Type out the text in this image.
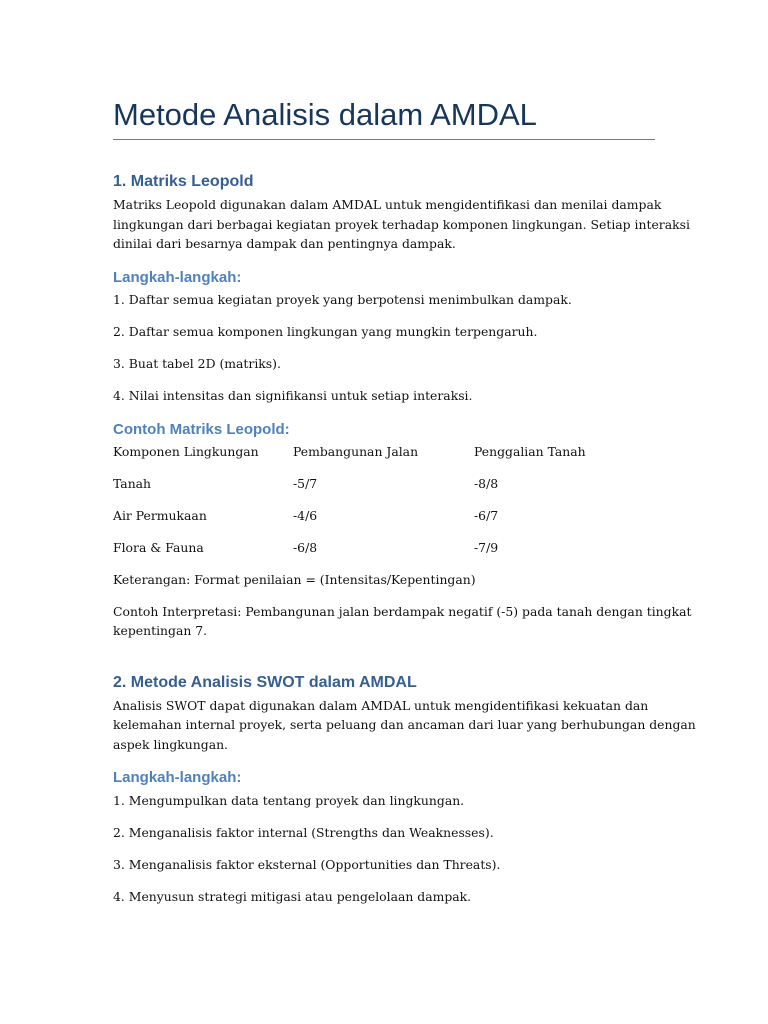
Metode Analisis dalam AMDAL
1. Matriks Leopold

Matriks Leopold digunakan dalam AMDAL untuk mengidentifikasi dan menilai dampak

lingkungan dari berbagai kegiatan proyek terhadap komponen lingkungan. Setiap interaksi

dinilai dari besarnya dampak dan pentingnya dampak.

Langkah-langkah:

1. Daftar semua kegiatan proyek yang berpotensi menimbulkan dampak.

2. Daftar semua komponen lingkungan yang mungkin terpengaruh.

3. Buat tabel 2D (matriks).

4. Nilai intensitas dan signifikansi untuk setiap interaksi.

Contoh Matriks Leopold:

Komponen Lingkungan	Pembangunan Jalan	Penggalian Tanah

Tanah	-5/7	-8/8

Air Permukaan	-4/6	-6/7

Flora & Fauna	-6/8	-7/9

Keterangan: Format penilaian = (Intensitas/Kepentingan)

Contoh Interpretasi: Pembangunan jalan berdampak negatif (-5) pada tanah dengan tingkat

kepentingan 7.

2. Metode Analisis SWOT dalam AMDAL

Analisis SWOT dapat digunakan dalam AMDAL untuk mengidentifikasi kekuatan dan

kelemahan internal proyek, serta peluang dan ancaman dari luar yang berhubungan dengan

aspek lingkungan.

Langkah-langkah:

1. Mengumpulkan data tentang proyek dan lingkungan.

2. Menganalisis faktor internal (Strengths dan Weaknesses).

3. Menganalisis faktor eksternal (Opportunities dan Threats).

4. Menyusun strategi mitigasi atau pengelolaan dampak.
